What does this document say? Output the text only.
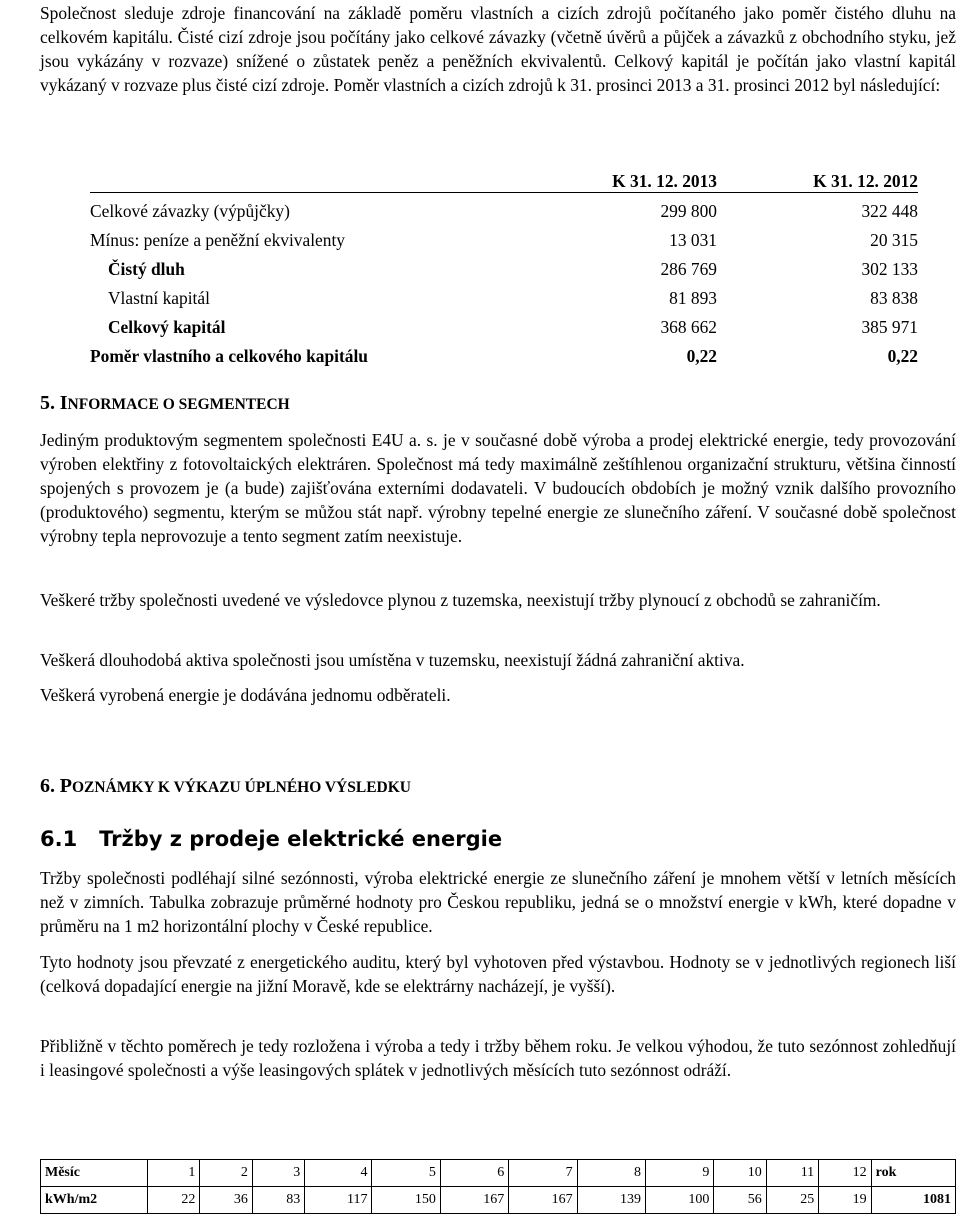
Společnost sleduje zdroje financování na základě poměru vlastních a cizích zdrojů počítaného jako poměr čistého dluhu na celkovém kapitálu. Čisté cizí zdroje jsou počítány jako celkové závazky (včetně úvěrů a půjček a závazků z obchodního styku, jež jsou vykázány v rozvaze) snížené o zůstatek peněz a peněžních ekvivalentů. Celkový kapitál je počítán jako vlastní kapitál vykázaný v rozvaze plus čisté cizí zdroje. Poměr vlastních a cizích zdrojů k 31. prosinci 2013 a 31. prosinci 2012 byl následující:

	K 31. 12. 2013	K 31. 12. 2012
Celkové závazky (výpůjčky)	299 800	322 448
Mínus: peníze a peněžní ekvivalenty	13 031	20 315
Čistý dluh	286 769	302 133
Vlastní kapitál	81 893	83 838
Celkový kapitál	368 662	385 971
Poměr vlastního a celkového kapitálu	0,22	0,22
5. INFORMACE O SEGMENTECH

Jediným produktovým segmentem společnosti E4U a. s. je v současné době výroba a prodej elektrické energie, tedy provozování výroben elektřiny z fotovoltaických elektráren. Společnost má tedy maximálně zeštíhlenou organizační strukturu, většina činností spojených s provozem je (a bude) zajišťována externími dodavateli. V budoucích obdobích je možný vznik dalšího provozního (produktového) segmentu, kterým se můžou stát např. výrobny tepelné energie ze slunečního záření. V současné době společnost výrobny tepla neprovozuje a tento segment zatím neexistuje.

Veškeré tržby společnosti uvedené ve výsledovce plynou z tuzemska, neexistují tržby plynoucí z obchodů se zahraničím.

Veškerá dlouhodobá aktiva společnosti jsou umístěna v tuzemsku, neexistují žádná zahraniční aktiva.

Veškerá vyrobená energie je dodávána jednomu odběrateli.

6. POZNÁMKY K VÝKAZU ÚPLNÉHO VÝSLEDKU
6.1 Tržby z prodeje elektrické energie

Tržby společnosti podléhají silné sezónnosti, výroba elektrické energie ze slunečního záření je mnohem větší v letních měsících než v zimních. Tabulka zobrazuje průměrné hodnoty pro Českou republiku, jedná se o množství energie v kWh, které dopadne v průměru na 1 m2 horizontální plochy v České republice.

Tyto hodnoty jsou převzaté z energetického auditu, který byl vyhotoven před výstavbou. Hodnoty se v jednotlivých regionech liší (celková dopadající energie na jižní Moravě, kde se elektrárny nacházejí, je vyšší).

Přibližně v těchto poměrech je tedy rozložena i výroba a tedy i tržby během roku. Je velkou výhodou, že tuto sezónnost zohledňují i leasingové společnosti a výše leasingových splátek v jednotlivých měsících tuto sezónnost odráží.

Měsíc	1	2	3	4	5	6	7	8	9	10	11	12	rok
kWh/m2	22	36	83	117	150	167	167	139	100	56	25	19	1081
